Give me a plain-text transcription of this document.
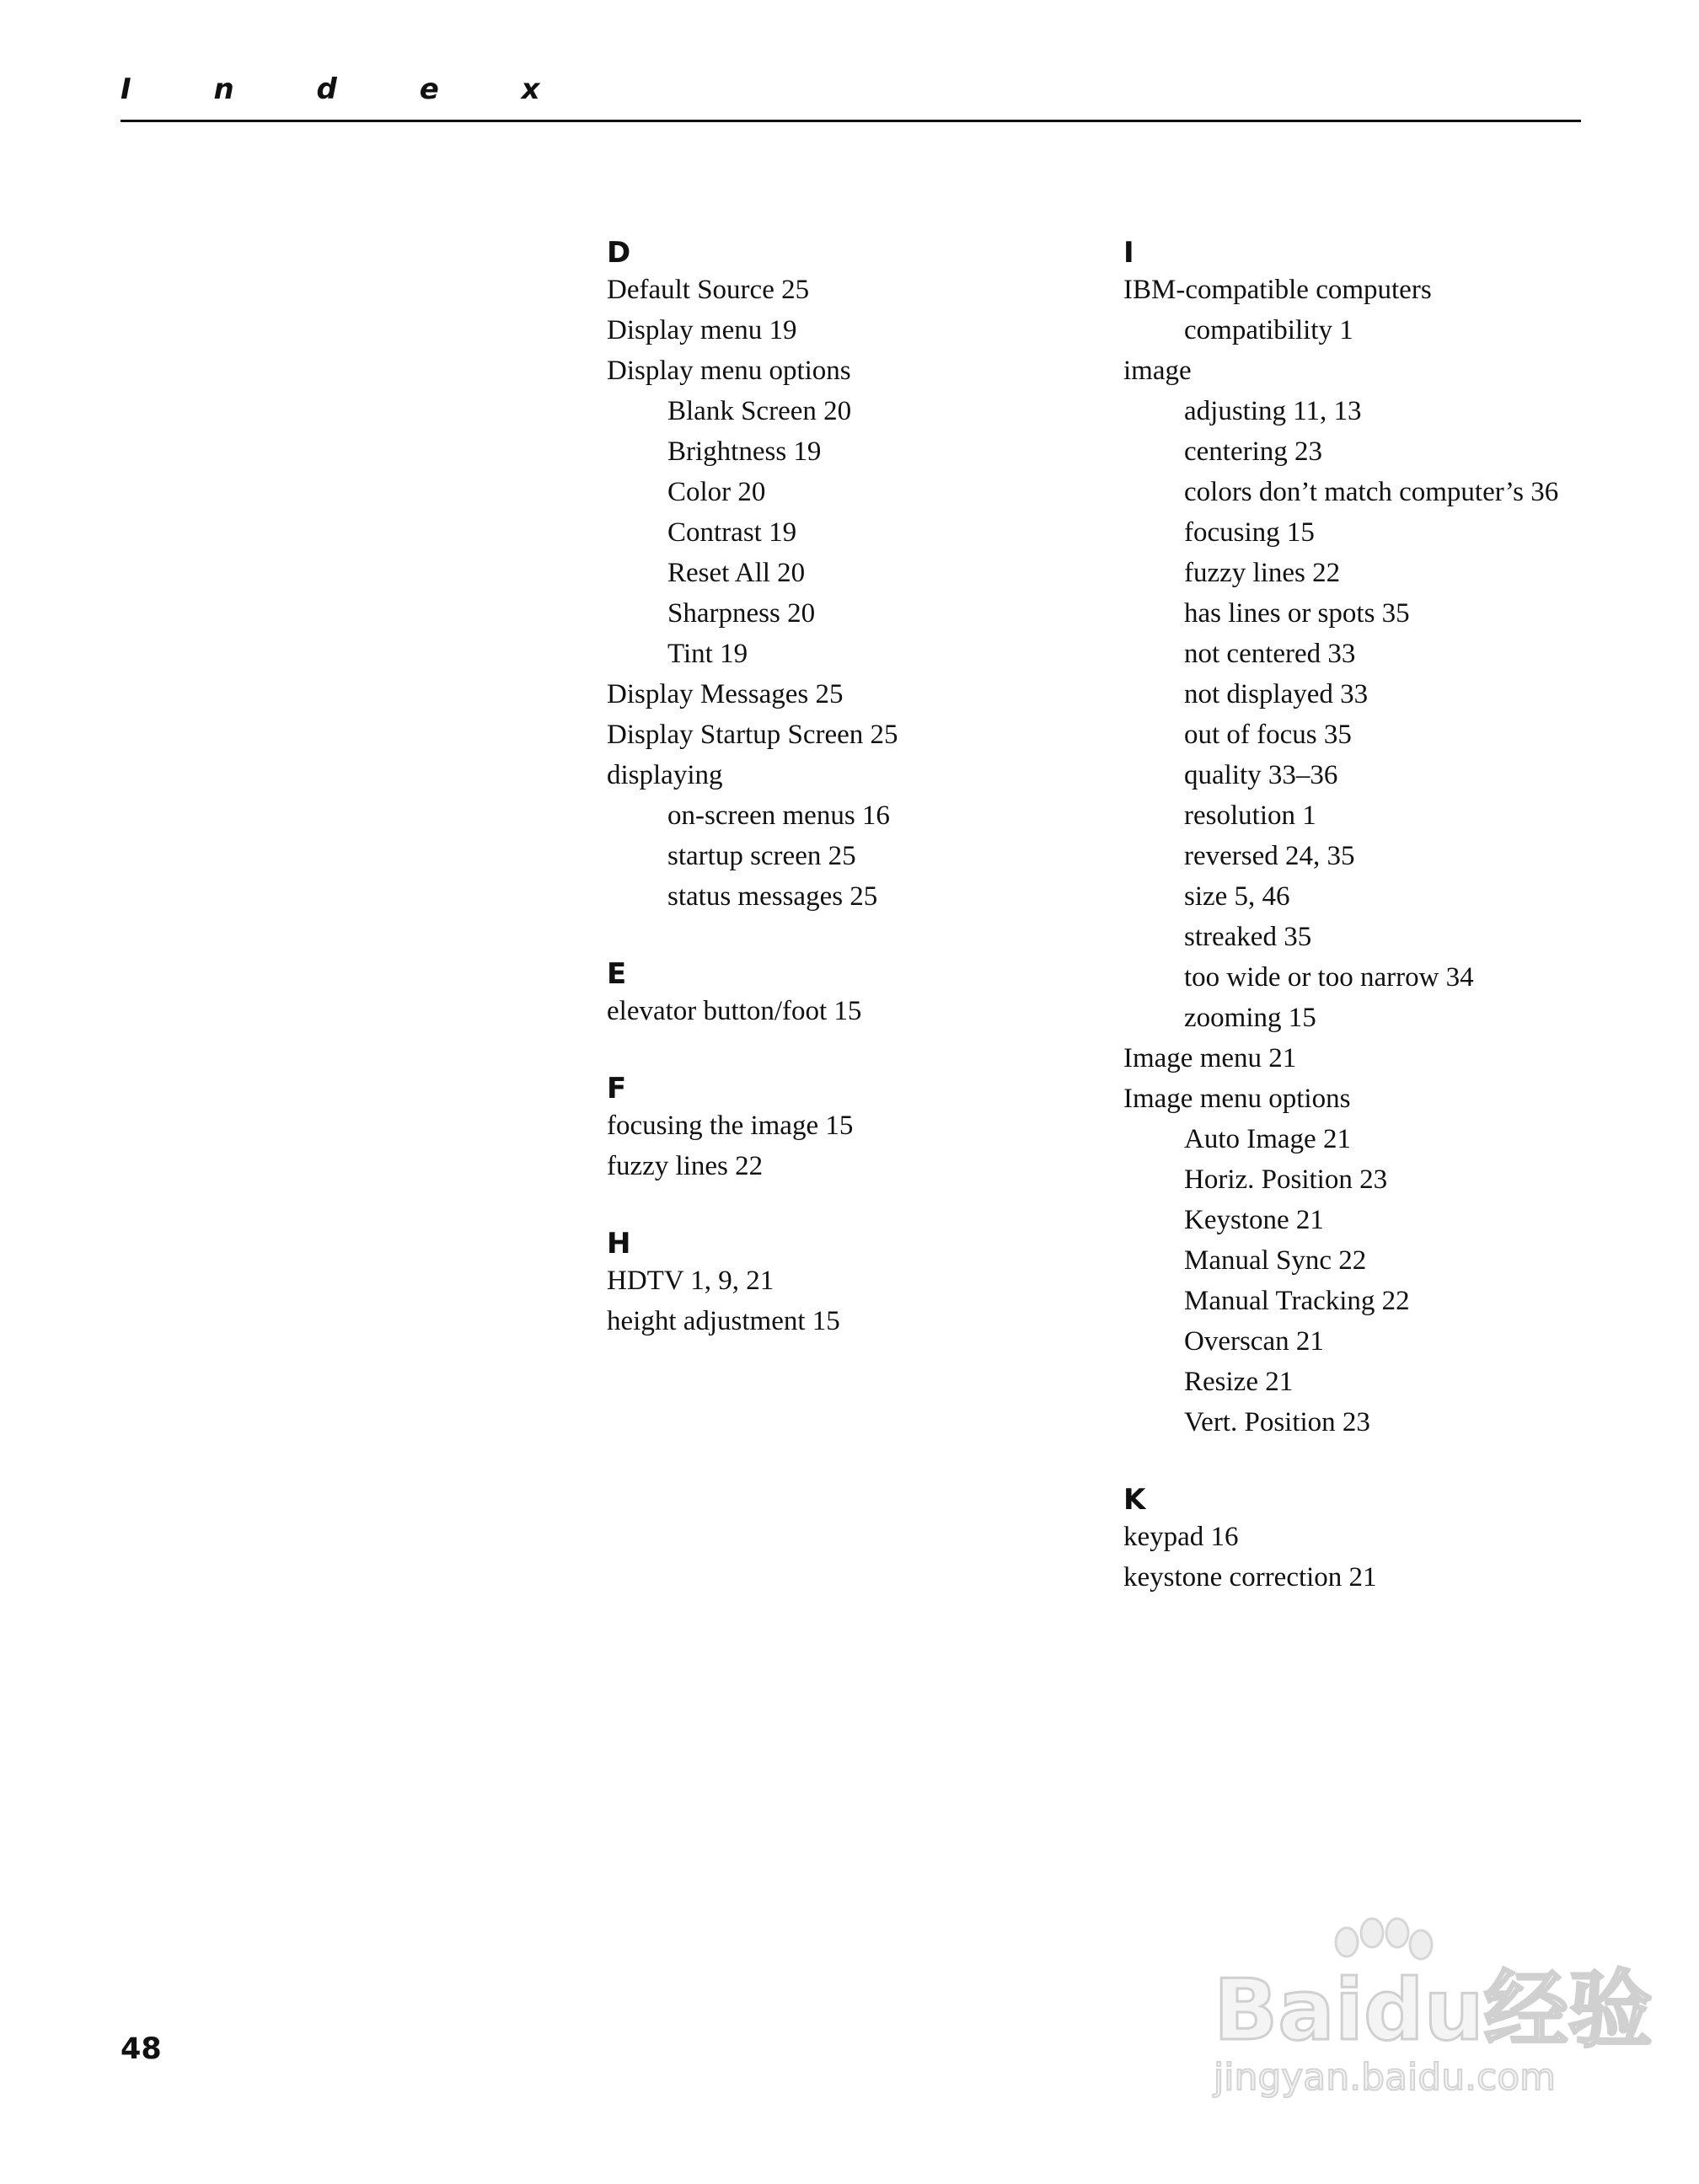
I n d e x
D
Default Source 25
Display menu 19
Display menu options
Blank Screen 20
Brightness 19
Color 20
Contrast 19
Reset All 20
Sharpness 20
Tint 19
Display Messages 25
Display Startup Screen 25
displaying
on-screen menus 16
startup screen 25
status messages 25
E
elevator button/foot 15
F
focusing the image 15
fuzzy lines 22
H
HDTV 1, 9, 21
height adjustment 15
I
IBM-compatible computers
compatibility 1
image
adjusting 11, 13
centering 23
colors don’t match computer’s 36
focusing 15
fuzzy lines 22
has lines or spots 35
not centered 33
not displayed 33
out of focus 35
quality 33–36
resolution 1
reversed 24, 35
size 5, 46
streaked 35
too wide or too narrow 34
zooming 15
Image menu 21
Image menu options
Auto Image 21
Horiz. Position 23
Keystone 21
Manual Sync 22
Manual Tracking 22
Overscan 21
Resize 21
Vert. Position 23
K
keypad 16
keystone correction 21
48	Baidu经验
jingyan.baidu.com
